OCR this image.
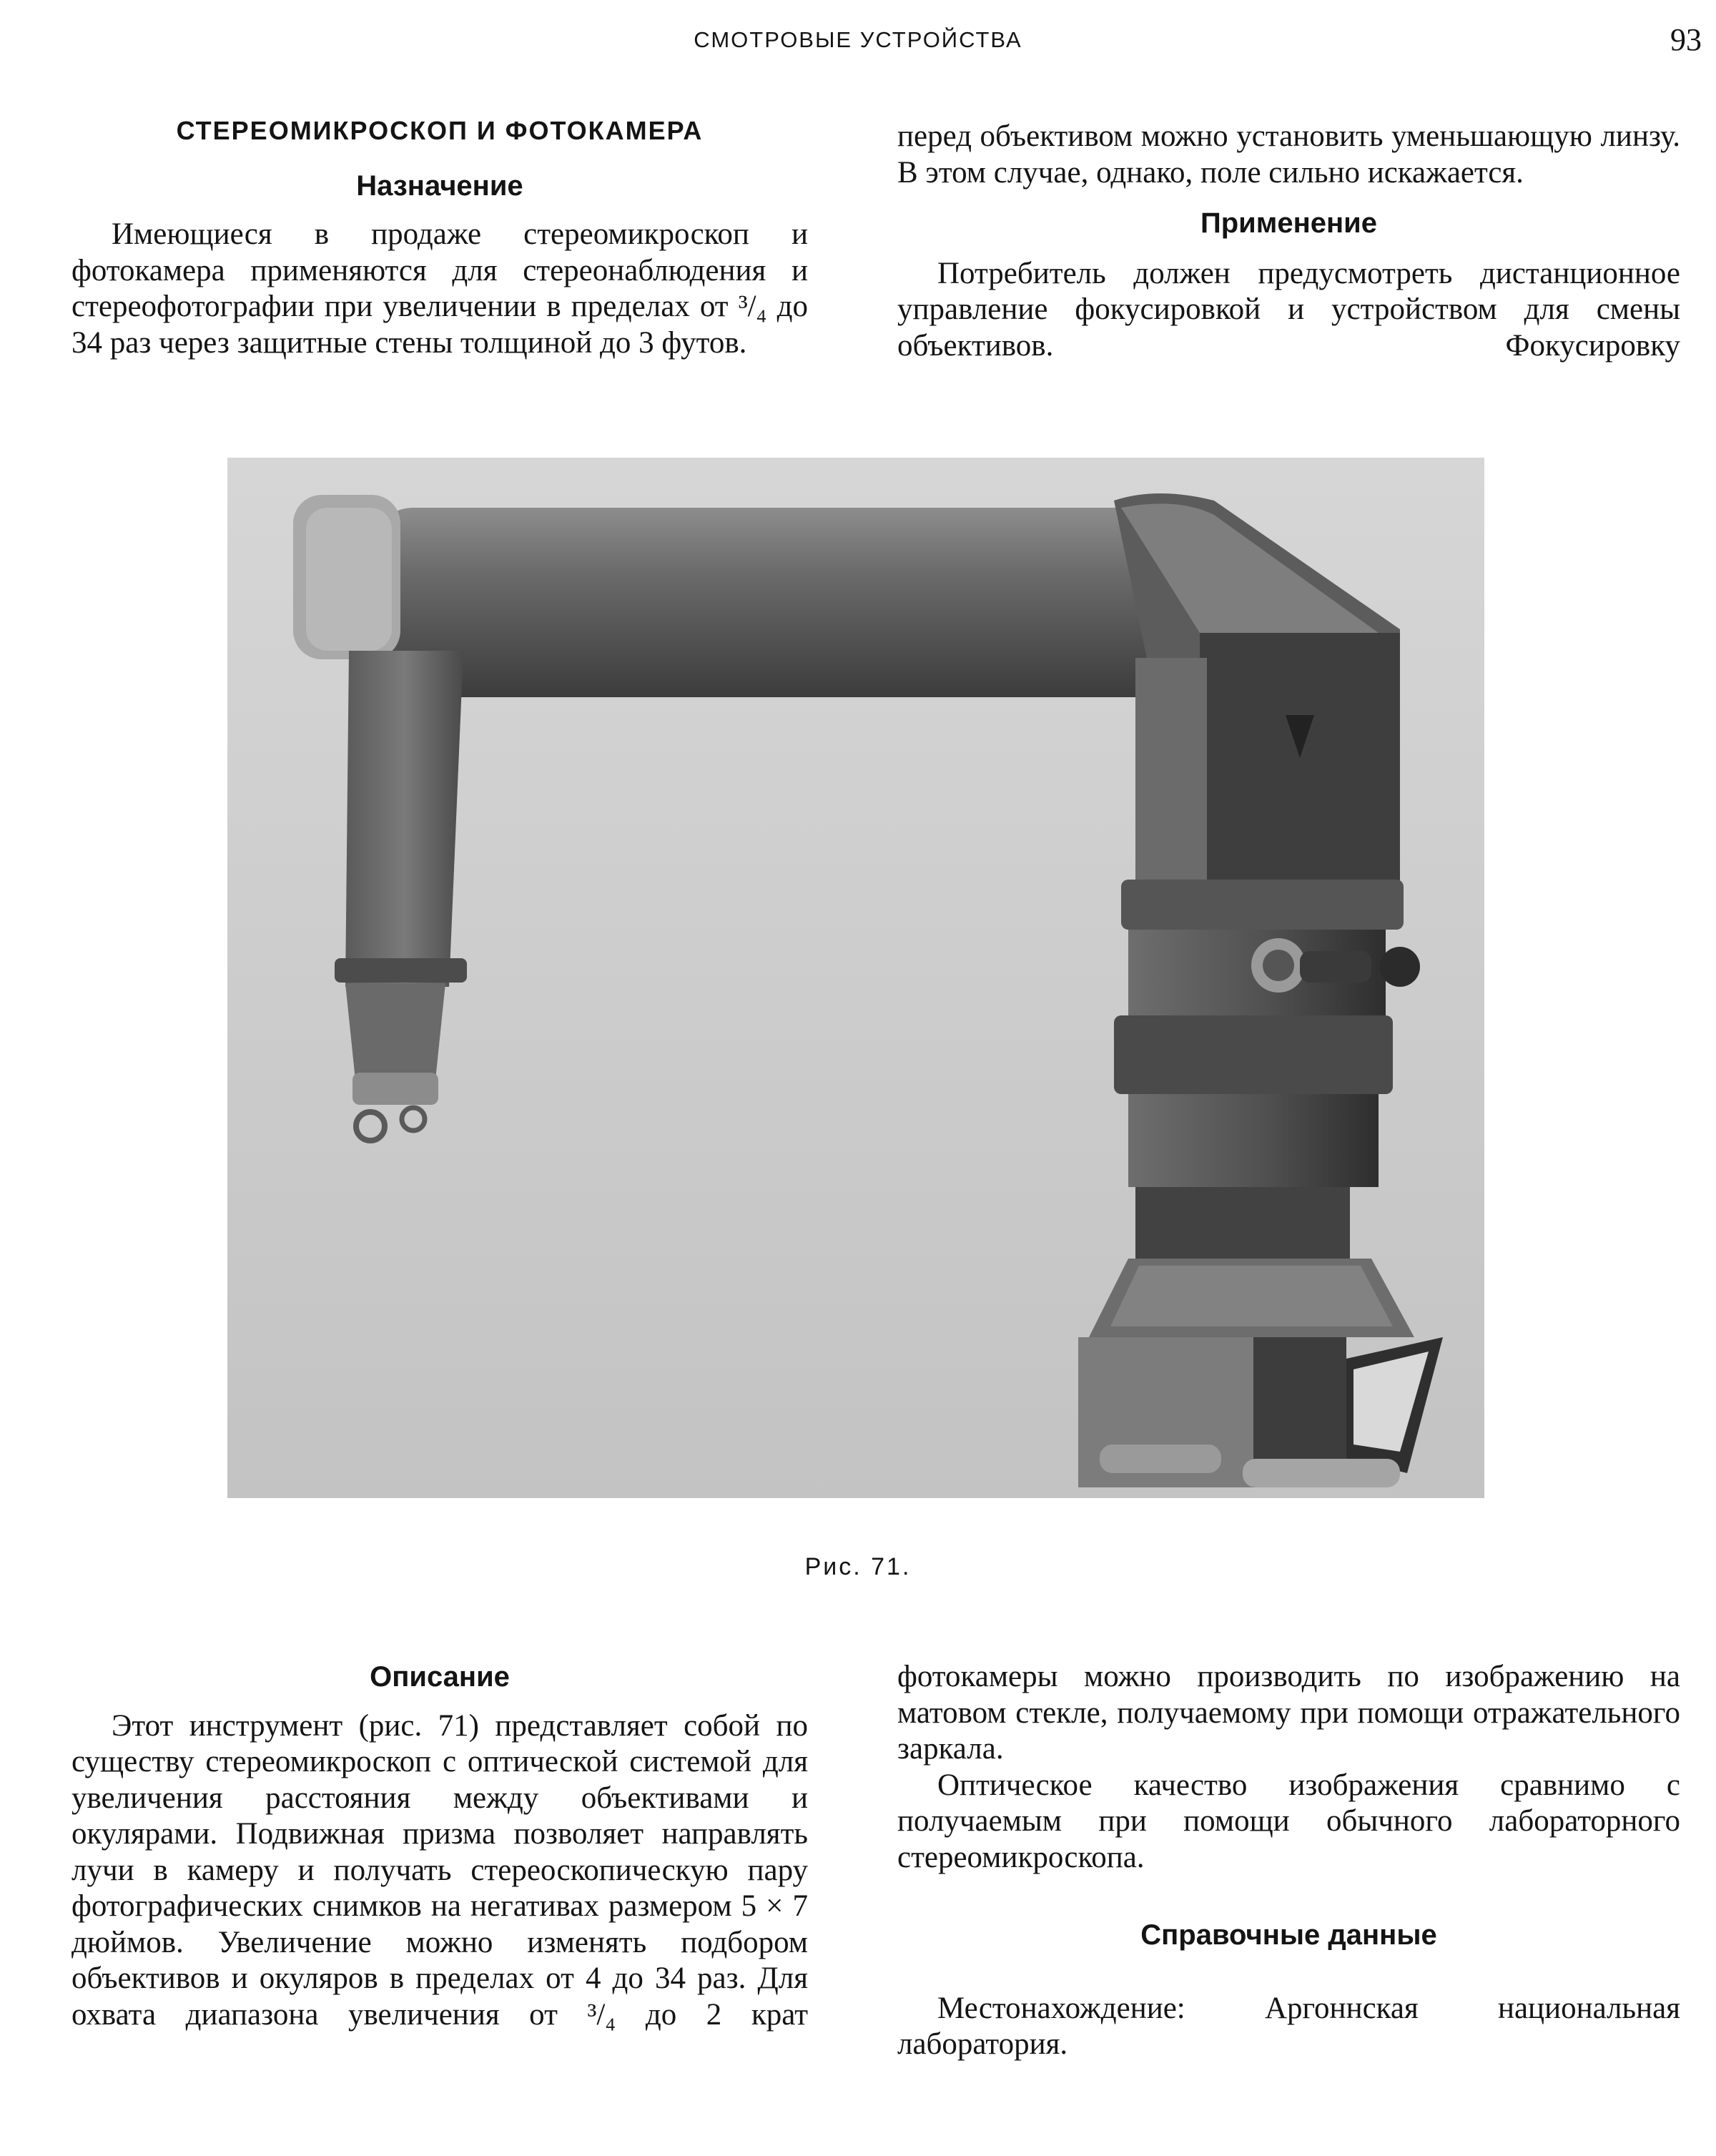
СМОТРОВЫЕ УСТРОЙСТВА	93
СТЕРЕОМИКРОСКОП И ФОТОКАМЕРА
Назначение

Имеющиеся в продаже стереомикроскоп и фотокамера применяются для стереонаблюдения и стереофотографии при увеличении в пределах от ³/₄ до 34 раз через защитные стены толщиной до 3 футов.

перед объективом можно установить уменьшающую линзу. В этом случае, однако, поле сильно искажается.

Применение

Потребитель должен предусмотреть дистанционное управление фокусировкой и устройством для смены объективов. Фокусировку

Рис. 71.
Описание

Этот инструмент (рис. 71) представляет собой по существу стереомикроскоп с оптической системой для увеличения расстояния между объективами и окулярами. Подвижная призма позволяет направлять лучи в камеру и получать стереоскопическую пару фотографических снимков на негативах размером 5 × 7 дюймов. Увеличение можно изменять подбором объективов и окуляров в пределах от 4 до 34 раз. Для охвата диапазона увеличения от ³/₄ до 2 крат

фотокамеры можно производить по изображению на матовом стекле, получаемому при помощи отражательного заркала.

Оптическое качество изображения сравнимо с получаемым при помощи обычного лабораторного стереомикроскопа.

Справочные данные

Местонахождение: Аргоннская национальная лаборатория.
